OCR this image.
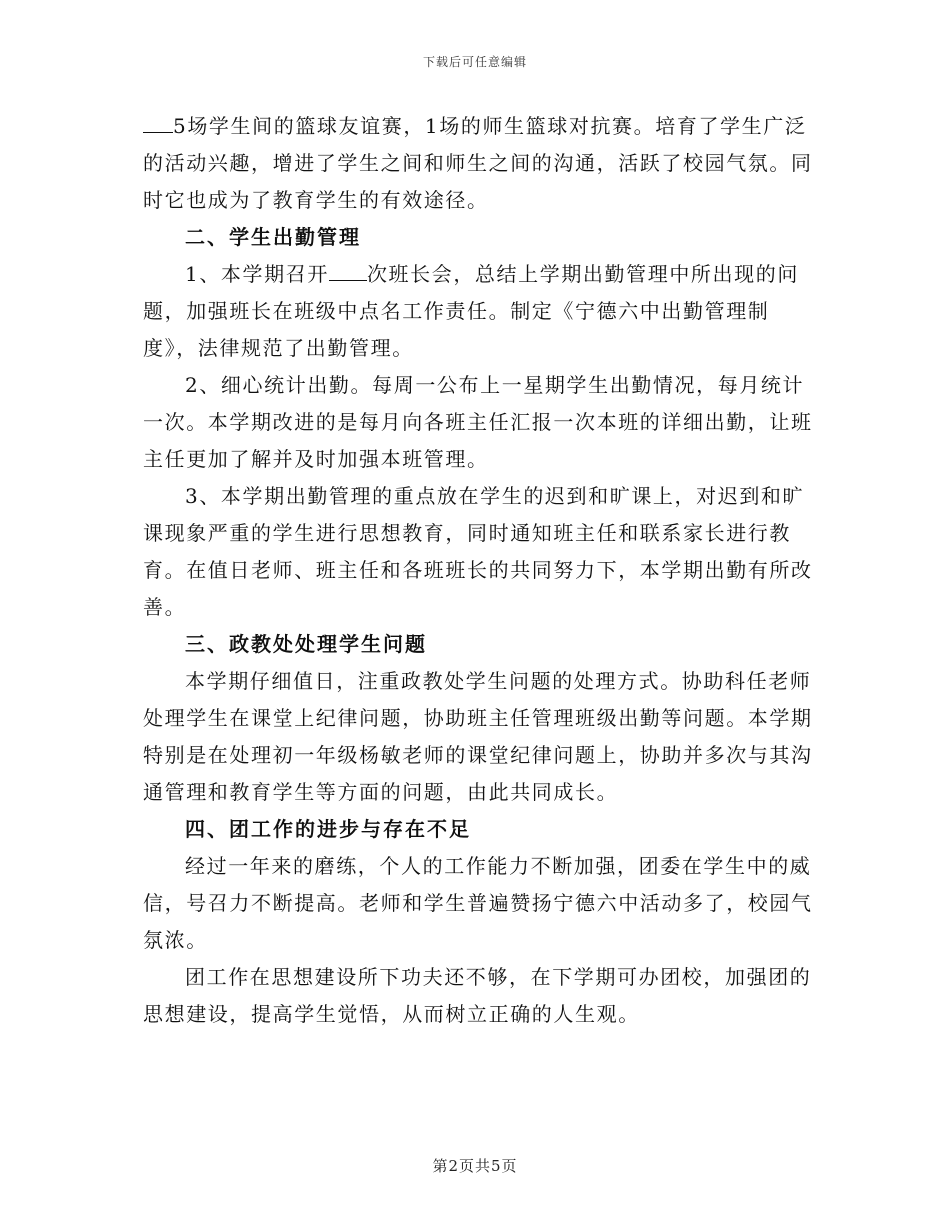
下载后可任意编辑

5场学生间的篮球友谊赛，1场的师生篮球对抗赛。培育了学生广泛的活动兴趣，增进了学生之间和师生之间的沟通，活跃了校园气氛。同时它也成为了教育学生的有效途径。

二、学生出勤管理

1、本学期召开 次班长会，总结上学期出勤管理中所出现的问题，加强班长在班级中点名工作责任。制定《宁德六中出勤管理制度》，法律规范了出勤管理。

2、细心统计出勤。每周一公布上一星期学生出勤情况，每月统计一次。本学期改进的是每月向各班主任汇报一次本班的详细出勤，让班主任更加了解并及时加强本班管理。

3、本学期出勤管理的重点放在学生的迟到和旷课上，对迟到和旷课现象严重的学生进行思想教育，同时通知班主任和联系家长进行教育。在值日老师、班主任和各班班长的共同努力下，本学期出勤有所改善。

三、政教处处理学生问题

本学期仔细值日，注重政教处学生问题的处理方式。协助科任老师处理学生在课堂上纪律问题，协助班主任管理班级出勤等问题。本学期特别是在处理初一年级杨敏老师的课堂纪律问题上，协助并多次与其沟通管理和教育学生等方面的问题，由此共同成长。

四、团工作的进步与存在不足

经过一年来的磨练，个人的工作能力不断加强，团委在学生中的威信，号召力不断提高。老师和学生普遍赞扬宁德六中活动多了，校园气氛浓。

团工作在思想建设所下功夫还不够，在下学期可办团校，加强团的思想建设，提高学生觉悟，从而树立正确的人生观。

第2页共5页
